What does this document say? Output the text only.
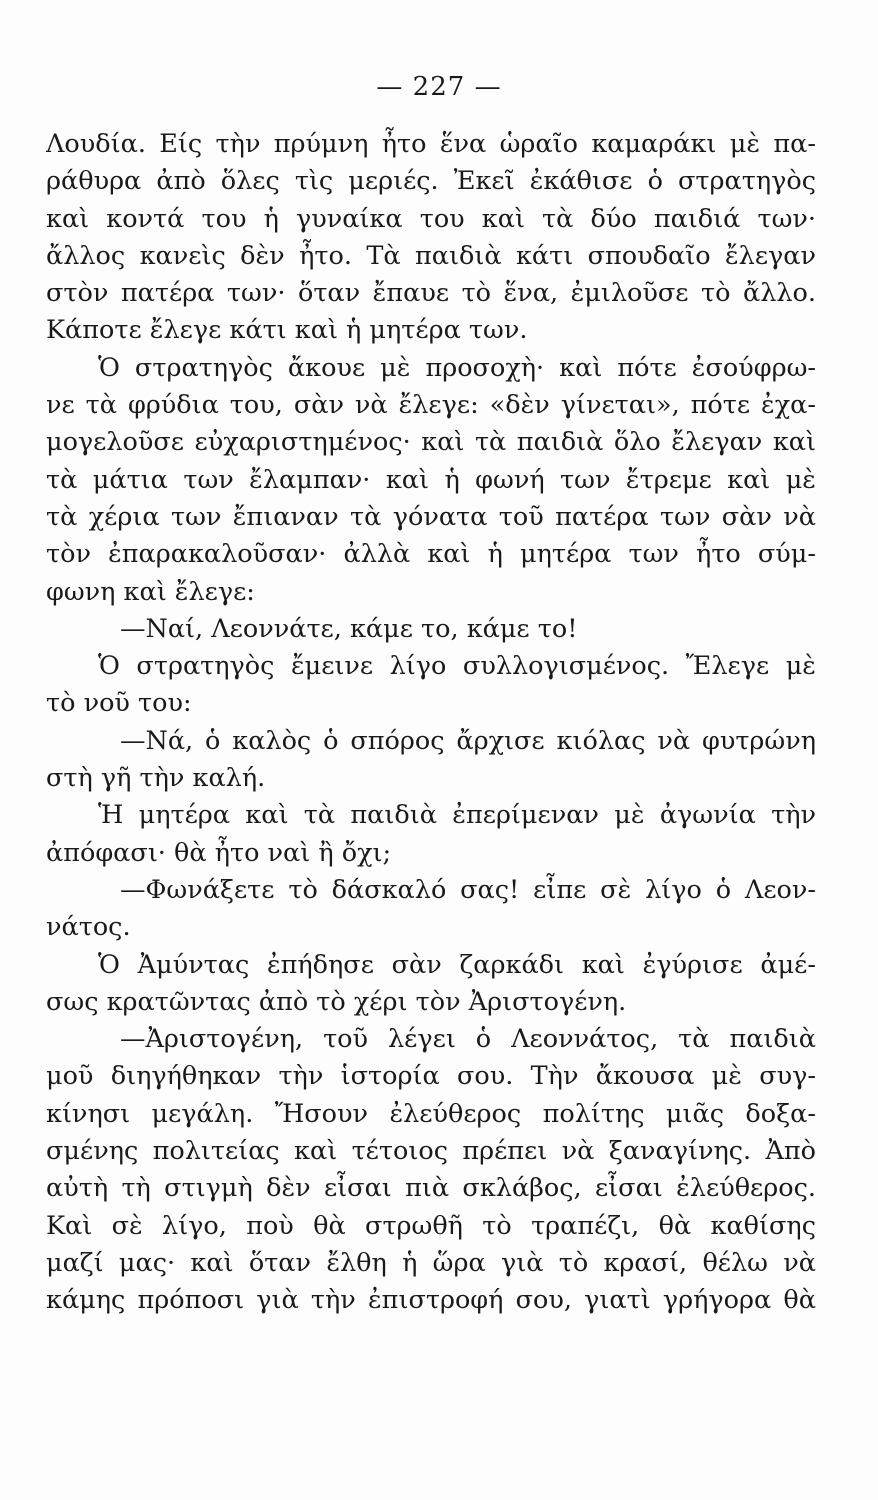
— 227 —
Λουδία. Είς τὴν πρύμνη ἦτο ἕνα ὡραῖο καμαράκι μὲ πα-
ράθυρα ἀπὸ ὅλες τὶς μεριές. Ἐκεῖ ἐκάθισε ὁ στρατηγὸς
καὶ κοντά του ἡ γυναίκα του καὶ τὰ δύο παιδιά των·
ἄλλος κανεὶς δὲν ἦτο. Τὰ παιδιὰ κάτι σπουδαῖο ἔλεγαν
στὸν πατέρα των· ὅταν ἔπαυε τὸ ἕνα, ἐμιλοῦσε τὸ ἄλλο.
Κάποτε ἔλεγε κάτι καὶ ἡ μητέρα των.
Ὁ στρατηγὸς ἄκουε μὲ προσοχὴ· καὶ πότε ἐσούφρω-
νε τὰ φρύδια του, σὰν νὰ ἔλεγε: «δὲν γίνεται», πότε ἐχα-
μογελοῦσε εὐχαριστημένος· καὶ τὰ παιδιὰ ὅλο ἔλεγαν καὶ
τὰ μάτια των ἔλαμπαν· καὶ ἡ φωνή των ἔτρεμε καὶ μὲ
τὰ χέρια των ἔπιαναν τὰ γόνατα τοῦ πατέρα των σὰν νὰ
τὸν ἐπαρακαλοῦσαν· ἀλλὰ καὶ ἡ μητέρα των ἦτο σύμ-
φωνη καὶ ἔλεγε:
—Ναί, Λεοννάτε, κάμε το, κάμε το!
Ὁ στρατηγὸς ἔμεινε λίγο συλλογισμένος. Ἔλεγε μὲ
τὸ νοῦ του:
—Νά, ὁ καλὸς ὁ σπόρος ἄρχισε κιόλας νὰ φυτρώνη
στὴ γῆ τὴν καλή.
Ἡ μητέρα καὶ τὰ παιδιὰ ἐπερίμεναν μὲ ἀγωνία τὴν
ἀπόφασι· θὰ ἦτο ναὶ ἢ ὄχι;
—Φωνάξετε τὸ δάσκαλό σας! εἶπε σὲ λίγο ὁ Λεον-
νάτος.
Ὁ Ἀμύντας ἐπήδησε σὰν ζαρκάδι καὶ ἐγύρισε ἀμέ-
σως κρατῶντας ἀπὸ τὸ χέρι τὸν Ἀριστογένη.
—Ἀριστογένη, τοῦ λέγει ὁ Λεοννάτος, τὰ παιδιὰ
μοῦ διηγήθηκαν τὴν ἱστορία σου. Τὴν ἄκουσα μὲ συγ-
κίνησι μεγάλη. Ἤσουν ἐλεύθερος πολίτης μιᾶς δοξα-
σμένης πολιτείας καὶ τέτοιος πρέπει νὰ ξαναγίνης. Ἀπὸ
αὐτὴ τὴ στιγμὴ δὲν εἶσαι πιὰ σκλάβος, εἶσαι ἐλεύθερος.
Καὶ σὲ λίγο, ποὺ θὰ στρωθῆ τὸ τραπέζι, θὰ καθίσης
μαζί μας· καὶ ὅταν ἔλθη ἡ ὥρα γιὰ τὸ κρασί, θέλω νὰ
κάμης πρόποσι γιὰ τὴν ἐπιστροφή σου, γιατὶ γρήγορα θὰ
